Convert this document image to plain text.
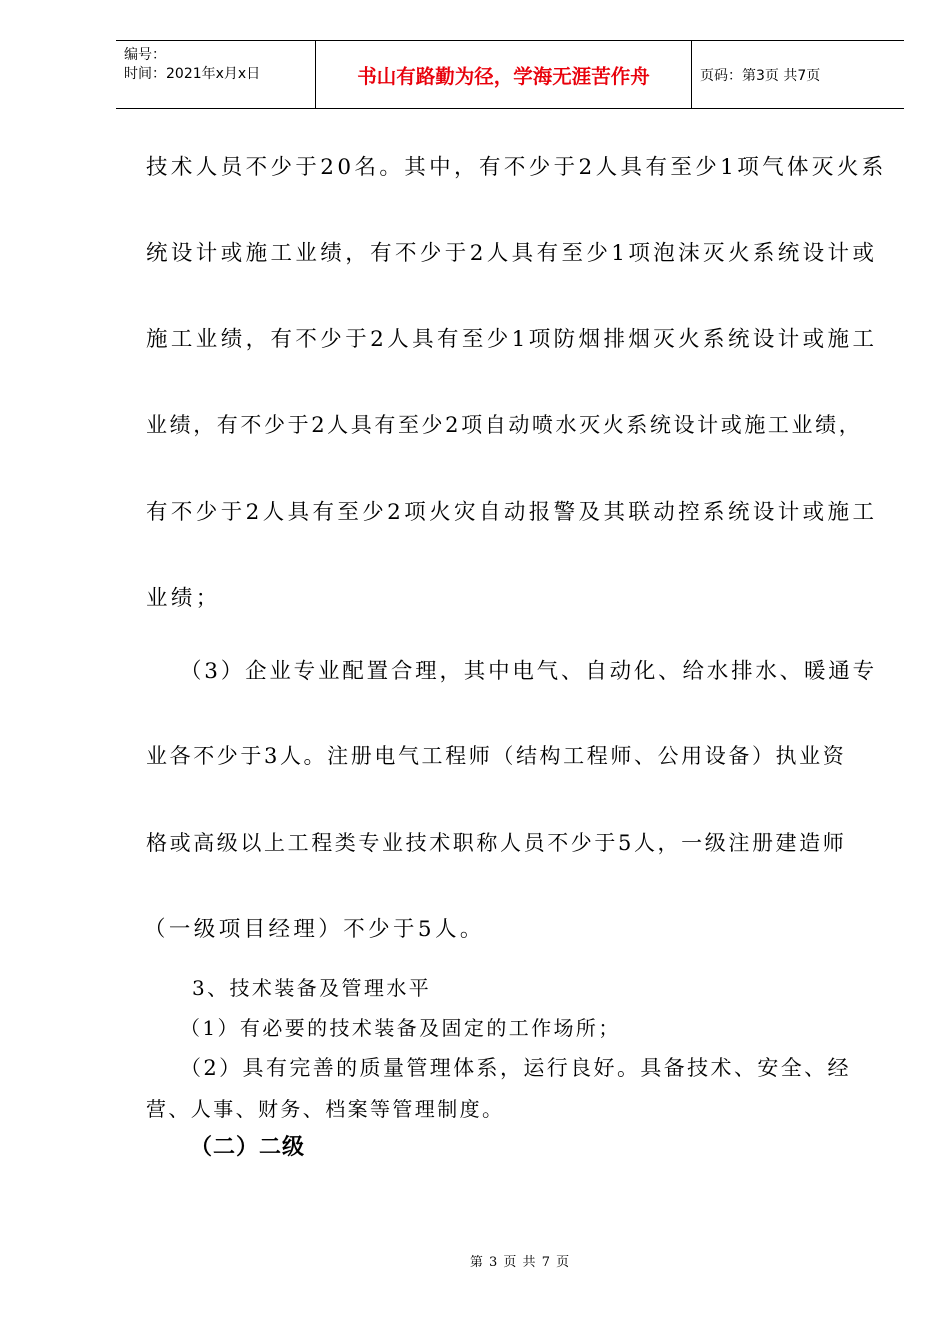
编号：
时间：2021年x月x日	书山有路勤为径，学海无涯苦作舟	页码：第3页 共7页
技术人员不少于20名。其中，有不少于2人具有至少1项气体灭火系
统设计或施工业绩，有不少于2人具有至少1项泡沫灭火系统设计或
施工业绩，有不少于2人具有至少1项防烟排烟灭火系统设计或施工
业绩，有不少于2人具有至少2项自动喷水灭火系统设计或施工业绩，
有不少于2人具有至少2项火灾自动报警及其联动控系统设计或施工
业绩；
（3）企业专业配置合理，其中电气、自动化、给水排水、暖通专
业各不少于3人。注册电气工程师（结构工程师、公用设备）执业资
格或高级以上工程类专业技术职称人员不少于5人，一级注册建造师
（一级项目经理）不少于5人。
3、技术装备及管理水平
（1）有必要的技术装备及固定的工作场所；
（2）具有完善的质量管理体系，运行良好。具备技术、安全、经
营、人事、财务、档案等管理制度。
（二）二级
第 3 页 共 7 页
